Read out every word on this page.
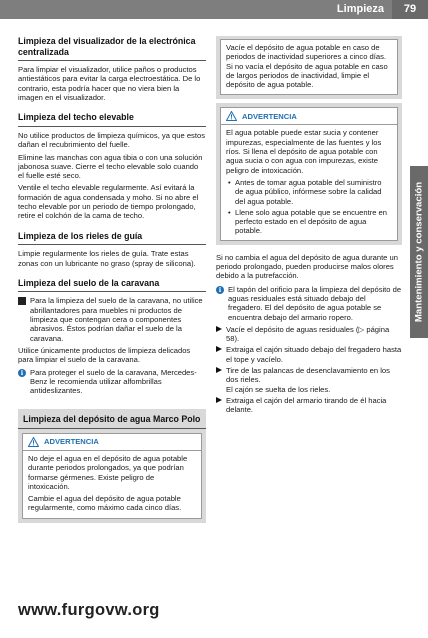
Limpieza	79
Mantenimiento y conservación
Limpieza del visualizador de la electrónica centralizada

Para limpiar el visualizador, utilice paños o productos antiestáticos para evitar la carga electroestática. De lo contrario, esta podría hacer que no viera bien la imagen en el visualizador.

Limpieza del techo elevable

No utilice productos de limpieza químicos, ya que estos dañan el recubrimiento del fuelle.

Elimine las manchas con agua tibia o con una solución jabonosa suave. Cierre el techo elevable solo cuando el fuelle esté seco.

Ventile el techo elevable regularmente. Así evitará la formación de agua condensada y moho. Si no abre el techo elevable por un periodo de tiempo prolongado, retire el colchón de la cama de techo.

Limpieza de los rieles de guía

Limpie regularmente los rieles de guía. Trate estas zonas con un lubricante no graso (spray de silicona).

Limpieza del suelo de la caravana
Para la limpieza del suelo de la caravana, no utilice abrillantadores para muebles ni productos de limpieza que contengan cera o componentes abrasivos. Éstos podrían dañar el suelo de la caravana.

Utilice únicamente productos de limpieza delicados para limpiar el suelo de la caravana.

i Para proteger el suelo de la caravana, Mercedes-Benz le recomienda utilizar alfombrillas antideslizantes.
Limpieza del depósito de agua Marco Polo
ADVERTENCIA

No deje el agua en el depósito de agua potable durante periodos prolongados, ya que podrían formarse gérmenes. Existe peligro de intoxicación.

Cambie el agua del depósito de agua potable regularmente, como máximo cada cinco días.

Vacíe el depósito de agua potable en caso de periodos de inactividad superiores a cinco días. Si no vacía el depósito de agua potable en caso de largos periodos de inactividad, limpie el depósito de agua potable.

ADVERTENCIA

El agua potable puede estar sucia y contener impurezas, especialmente de las fuentes y los ríos. Si llena el depósito de agua potable con agua sucia o con agua con impurezas, existe peligro de intoxicación.

• Antes de tomar agua potable del suministro de agua público, infórmese sobre la calidad del agua potable.
• Llene solo agua potable que se encuentre en perfecto estado en el depósito de agua potable.

Si no cambia el agua del depósito de agua durante un periodo prolongado, pueden producirse malos olores debido a la putrefacción.

i El tapón del orificio para la limpieza del depósito de aguas residuales está situado debajo del fregadero. El del depósito de agua potable se encuentra debajo del armario ropero.
Vacíe el depósito de aguas residuales (▷ página 58).
Extraiga el cajón situado debajo del fregadero hasta el tope y vacíelo.
Tire de las palancas de desenclavamiento en los dos rieles.
El cajón se suelta de los rieles.
Extraiga el cajón del armario tirando de él hacia delante.
www.furgovw.org
